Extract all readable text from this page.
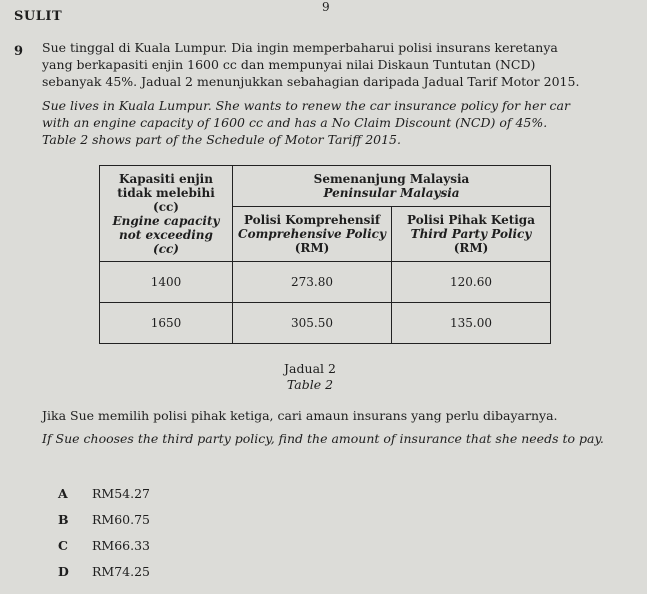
SULIT
9
9 Sue tinggal di Kuala Lumpur. Dia ingin memperbaharui polisi insurans keretanya

yang berkapasiti enjin 1600 cc dan mempunyai nilai Diskaun Tuntutan (NCD)

sebanyak 45%. Jadual 2 menunjukkan sebahagian daripada Jadual Tarif Motor 2015.

Sue lives in Kuala Lumpur. She wants to renew the car insurance policy for her car

with an engine capacity of 1600 cc and has a No Claim Discount (NCD) of 45%.

Table 2 shows part of the Schedule of Motor Tariff 2015.

Kapasiti enjin tidak melebihi (cc)
Engine capacity not exceeding (cc)	Semenanjung Malaysia
Peninsular Malaysia	

	Polisi Komprehensif
Comprehensive Policy
(RM)	Polisi Pihak Ketiga
Third Party Policy
(RM)

1400	273.80	120.60
1650	305.50	135.00
Jadual 2
Table 2
Jika Sue memilih polisi pihak ketiga, cari amaun insurans yang perlu dibayarnya.
If Sue chooses the third party policy, find the amount of insurance that she needs to pay.
A RM54.27
B RM60.75
C RM66.33
D RM74.25
